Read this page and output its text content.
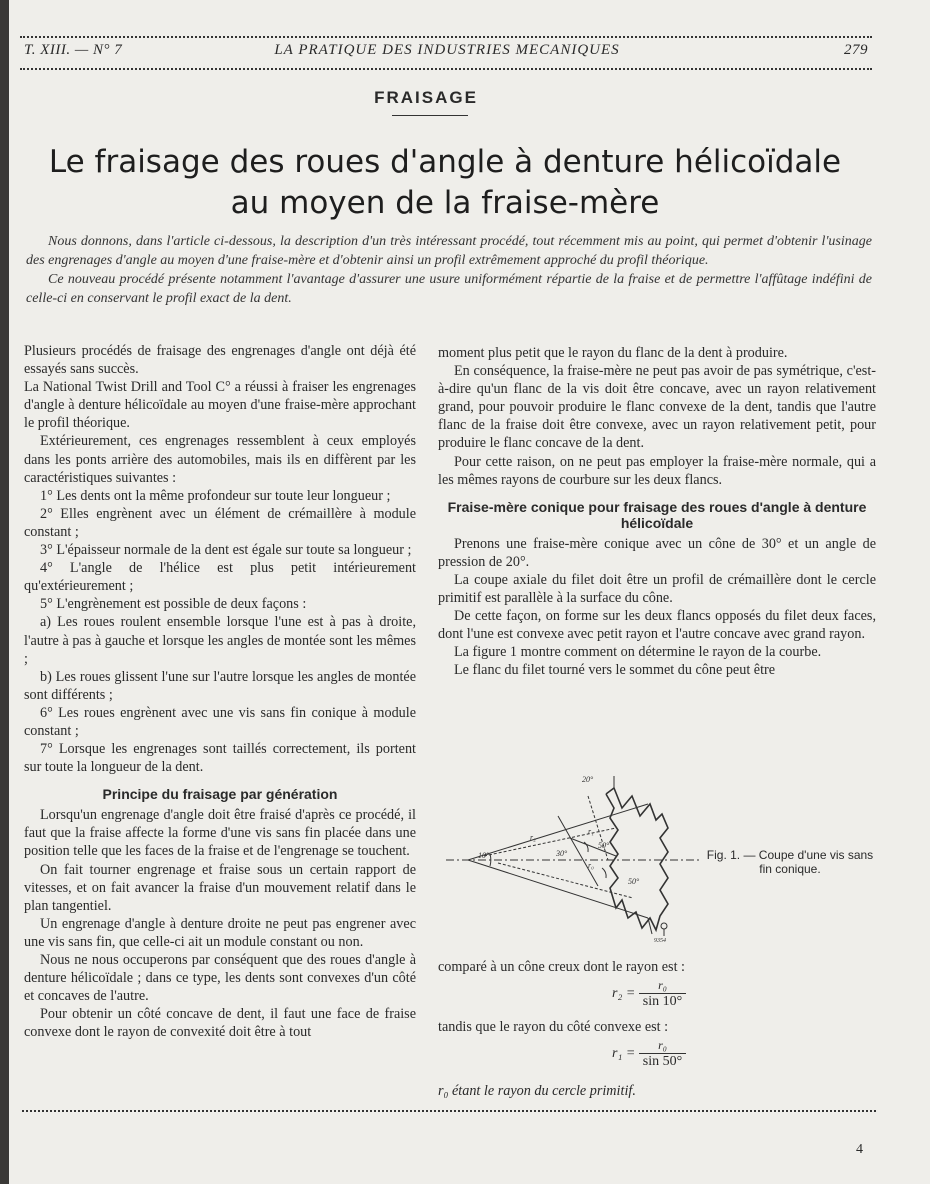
T. XIII. — N° 7	LA PRATIQUE DES INDUSTRIES MECANIQUES	279
FRAISAGE
Le fraisage des roues d'angle à denture hélicoïdale
au moyen de la fraise-mère

Nous donnons, dans l'article ci-dessous, la description d'un très intéressant procédé, tout récemment mis au point, qui permet d'obtenir l'usinage des engrenages d'angle au moyen d'une fraise-mère et d'obtenir ainsi un profil extrêmement approché du profil théorique.

Ce nouveau procédé présente notamment l'avantage d'assurer une usure uniformément répartie de la fraise et de permettre l'affûtage indéfini de celle-ci en conservant le profil exact de la dent.

Plusieurs procédés de fraisage des engrenages d'angle ont déjà été essayés sans succès.

La National Twist Drill and Tool C° a réussi à fraiser les engrenages d'angle à denture hélicoïdale au moyen d'une fraise-mère approchant le profil théorique.

Extérieurement, ces engrenages ressemblent à ceux employés dans les ponts arrière des automobiles, mais ils en diffèrent par les caractéristiques suivantes :

1° Les dents ont la même profondeur sur toute leur longueur ;

2° Elles engrènent avec un élément de crémaillère à module constant ;

3° L'épaisseur normale de la dent est égale sur toute sa longueur ;

4° L'angle de l'hélice est plus petit intérieurement qu'extérieurement ;

5° L'engrènement est possible de deux façons :

a) Les roues roulent ensemble lorsque l'une est à pas à droite, l'autre à pas à gauche et lorsque les angles de montée sont les mêmes ;

b) Les roues glissent l'une sur l'autre lorsque les angles de montée sont différents ;

6° Les roues engrènent avec une vis sans fin conique à module constant ;

7° Lorsque les engrenages sont taillés correctement, ils portent sur toute la longueur de la dent.

Principe du fraisage par génération

Lorsqu'un engrenage d'angle doit être fraisé d'après ce procédé, il faut que la fraise affecte la forme d'une vis sans fin placée dans une position telle que les faces de la fraise et de l'engrenage se touchent.

On fait tourner engrenage et fraise sous un certain rapport de vitesses, et on fait avancer la fraise d'un mouvement relatif dans le plan tangentiel.

Un engrenage d'angle à denture droite ne peut pas engrener avec une vis sans fin, que celle-ci ait un module constant ou non.

Nous ne nous occuperons par conséquent que des roues d'angle à denture hélicoïdale ; dans ce type, les dents sont convexes d'un côté et concaves de l'autre.

Pour obtenir un côté concave de dent, il faut une face de fraise convexe dont le rayon de convexité doit être à tout

moment plus petit que le rayon du flanc de la dent à produire.

En conséquence, la fraise-mère ne peut pas avoir de pas symétrique, c'est-à-dire qu'un flanc de la vis doit être concave, avec un rayon relativement grand, pour pouvoir produire le flanc convexe de la dent, tandis que l'autre flanc de la fraise doit être convexe, avec un rayon relativement petit, pour produire le flanc concave de la dent.

Pour cette raison, on ne peut pas employer la fraise-mère normale, qui a les mêmes rayons de courbure sur les deux flancs.

Fraise-mère conique pour fraisage des roues d'angle à denture hélicoïdale

Prenons une fraise-mère conique avec un cône de 30° et un angle de pression de 20°.

La coupe axiale du filet doit être un profil de crémaillère dont le cercle primitif est parallèle à la surface du cône.

De cette façon, on forme sur les deux flancs opposés du filet deux faces, dont l'une est convexe avec petit rayon et l'autre concave avec grand rayon.

La figure 1 montre comment on détermine le rayon de la courbe.

Le flanc du filet tourné vers le sommet du cône peut être

20°
10°	30°
50°
50°
r₂
r₁
r₀
9354
Fig. 1. — Coupe d'une vis sans fin conique.
comparé à un cône creux dont le rayon est :
$r_2 = \frac{\text{r₀}}{\sin 10^\circ}$
tandis que le rayon du côté convexe est :
$r_1 = \frac{\text{r₀}}{\sin 50^\circ}$
r₀ étant le rayon du cercle primitif.
4
